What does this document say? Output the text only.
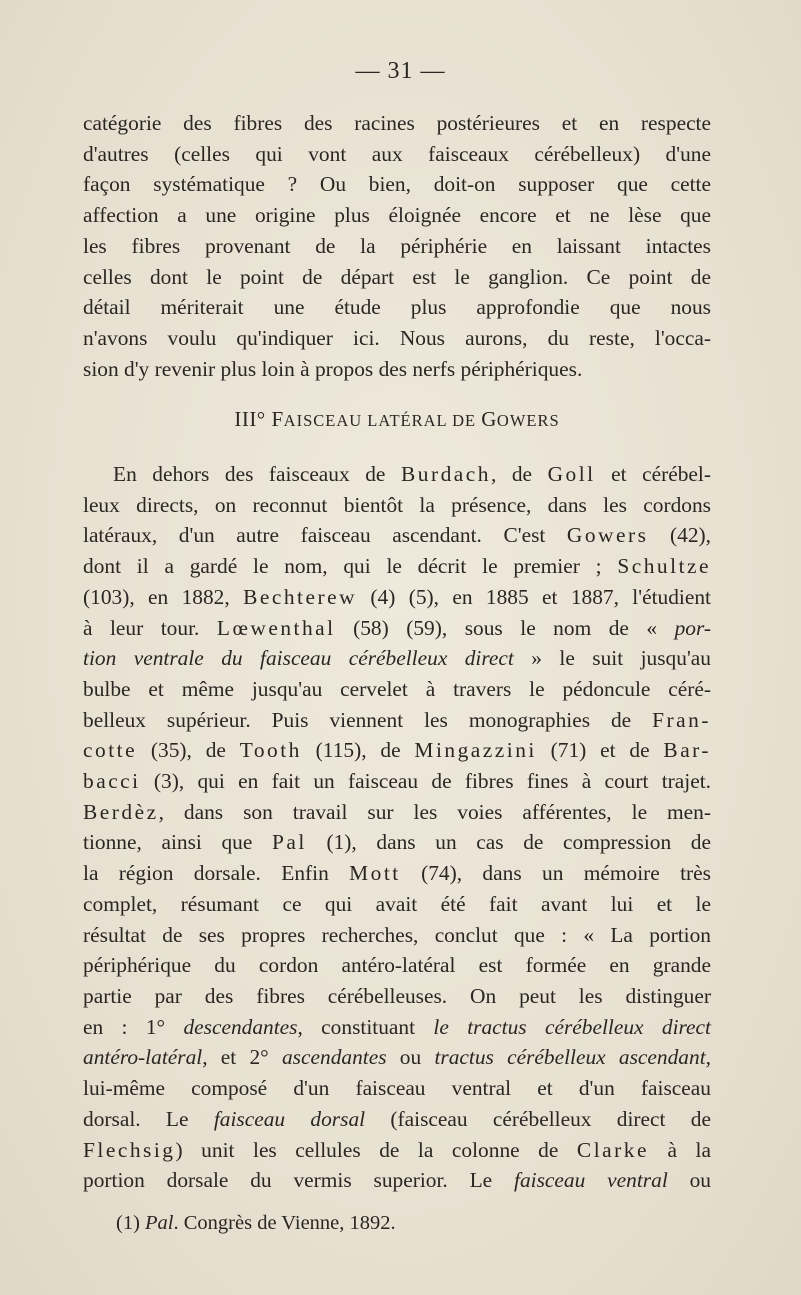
— 31 —

catégorie des fibres des racines postérieures et en respecte
d'autres (celles qui vont aux faisceaux cérébelleux) d'une
façon systématique ? Ou bien, doit-on supposer que cette
affection a une origine plus éloignée encore et ne lèse que
les fibres provenant de la périphérie en laissant intactes
celles dont le point de départ est le ganglion. Ce point de
détail mériterait une étude plus approfondie que nous
n'avons voulu qu'indiquer ici. Nous aurons, du reste, l'occa-
sion d'y revenir plus loin à propos des nerfs périphériques.

III° FAISCEAU LATÉRAL DE GOWERS

En dehors des faisceaux de Burdach, de Goll et cérébel-
leux directs, on reconnut bientôt la présence, dans les cordons
latéraux, d'un autre faisceau ascendant. C'est Gowers (42),
dont il a gardé le nom, qui le décrit le premier ; Schultze
(103), en 1882, Bechterew (4) (5), en 1885 et 1887, l'étudient
à leur tour. Lœwenthal (58) (59), sous le nom de « por-
tion ventrale du faisceau cérébelleux direct » le suit jusqu'au
bulbe et même jusqu'au cervelet à travers le pédoncule céré-
belleux supérieur. Puis viennent les monographies de Fran-
cotte (35), de Tooth (115), de Mingazzini (71) et de Bar-
bacci (3), qui en fait un faisceau de fibres fines à court trajet.
Berdèz, dans son travail sur les voies afférentes, le men-
tionne, ainsi que Pal (1), dans un cas de compression de
la région dorsale. Enfin Mott (74), dans un mémoire très
complet, résumant ce qui avait été fait avant lui et le
résultat de ses propres recherches, conclut que : « La portion
périphérique du cordon antéro-latéral est formée en grande
partie par des fibres cérébelleuses. On peut les distinguer
en : 1° descendantes, constituant le tractus cérébelleux direct
antéro-latéral, et 2° ascendantes ou tractus cérébelleux ascendant,
lui-même composé d'un faisceau ventral et d'un faisceau
dorsal. Le faisceau dorsal (faisceau cérébelleux direct de
Flechsig) unit les cellules de la colonne de Clarke à la
portion dorsale du vermis superior. Le faisceau ventral ou

(1) Pal. Congrès de Vienne, 1892.
